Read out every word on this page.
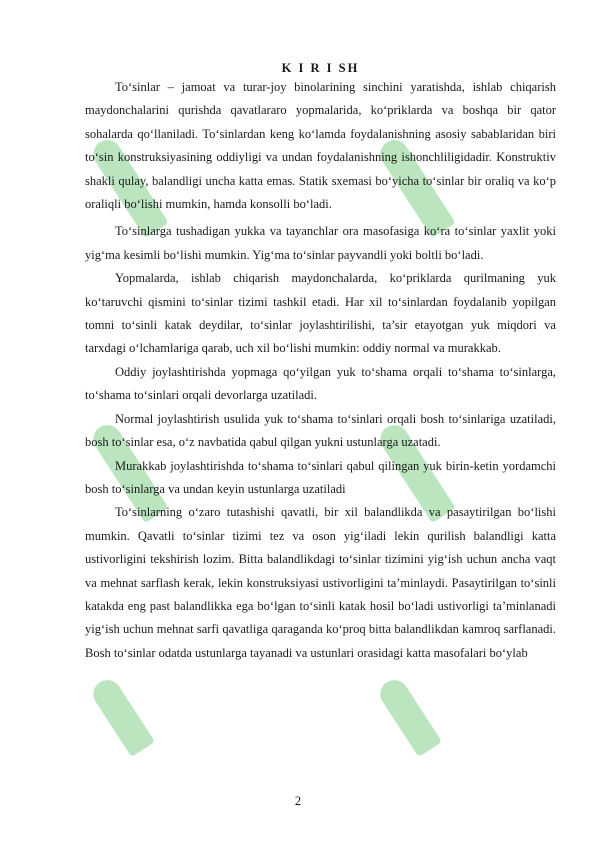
K I R I SH

To‘sinlar – jamoat va turar-joy binolarining sinchini yaratishda, ishlab chiqarish maydonchalarini qurishda qavatlararo yopmalarida, ko‘priklarda va boshqa bir qator sohalarda qo‘llaniladi. To‘sinlardan keng ko‘lamda foydalanishning asosiy sabablaridan biri to‘sin konstruksiyasining oddiyligi va undan foydalanishning ishonchliligidadir. Konstruktiv shakli qulay, balandligi uncha katta emas. Statik sxemasi bo‘yicha to‘sinlar bir oraliq va ko‘p oraliqli bo‘lishi mumkin, hamda konsolli bo‘ladi.

To‘sinlarga tushadigan yukka va tayanchlar ora masofasiga ko‘ra to‘sinlar yaxlit yoki yig‘ma kesimli bo‘lishi mumkin. Yig‘ma to‘sinlar payvandli yoki boltli bo‘ladi.

Yopmalarda, ishlab chiqarish maydonchalarda, ko‘priklarda qurilmaning yuk ko‘taruvchi qismini to‘sinlar tizimi tashkil etadi. Har xil to‘sinlardan foydalanib yopilgan tomni to‘sinli katak deydilar, to‘sinlar joylashtirilishi, ta’sir etayotgan yuk miqdori va tarxdagi o‘lchamlariga qarab, uch xil bo‘lishi mumkin: oddiy normal va murakkab.

Oddiy joylashtirishda yopmaga qo‘yilgan yuk to‘shama orqali to‘shama to‘sinlarga, to‘shama to‘sinlari orqali devorlarga uzatiladi.

Normal joylashtirish usulida yuk to‘shama to‘sinlari orqali bosh to‘sinlariga uzatiladi, bosh to‘sinlar esa, o‘z navbatida qabul qilgan yukni ustunlarga uzatadi.

Murakkab joylashtirishda to‘shama to‘sinlari qabul qilingan yuk birin-ketin yordamchi bosh to‘sinlarga va undan keyin ustunlarga uzatiladi

To‘sinlarning o‘zaro tutashishi qavatli, bir xil balandlikda va pasaytirilgan bo‘lishi mumkin. Qavatli to‘sinlar tizimi tez va oson yig‘iladi lekin qurilish balandligi katta ustivorligini tekshirish lozim. Bitta balandlikdagi to‘sinlar tizimini yig‘ish uchun ancha vaqt va mehnat sarflash kerak, lekin konstruksiyasi ustivorligini ta’minlaydi. Pasaytirilgan to‘sinli katakda eng past balandlikka ega bo‘lgan to‘sinli katak hosil bo‘ladi ustivorligi ta’minlanadi yig‘ish uchun mehnat sarfi qavatliga qaraganda ko‘proq bitta balandlikdan kamroq sarflanadi. Bosh to‘sinlar odatda ustunlarga tayanadi va ustunlari orasidagi katta masofalari bo‘ylab

2
